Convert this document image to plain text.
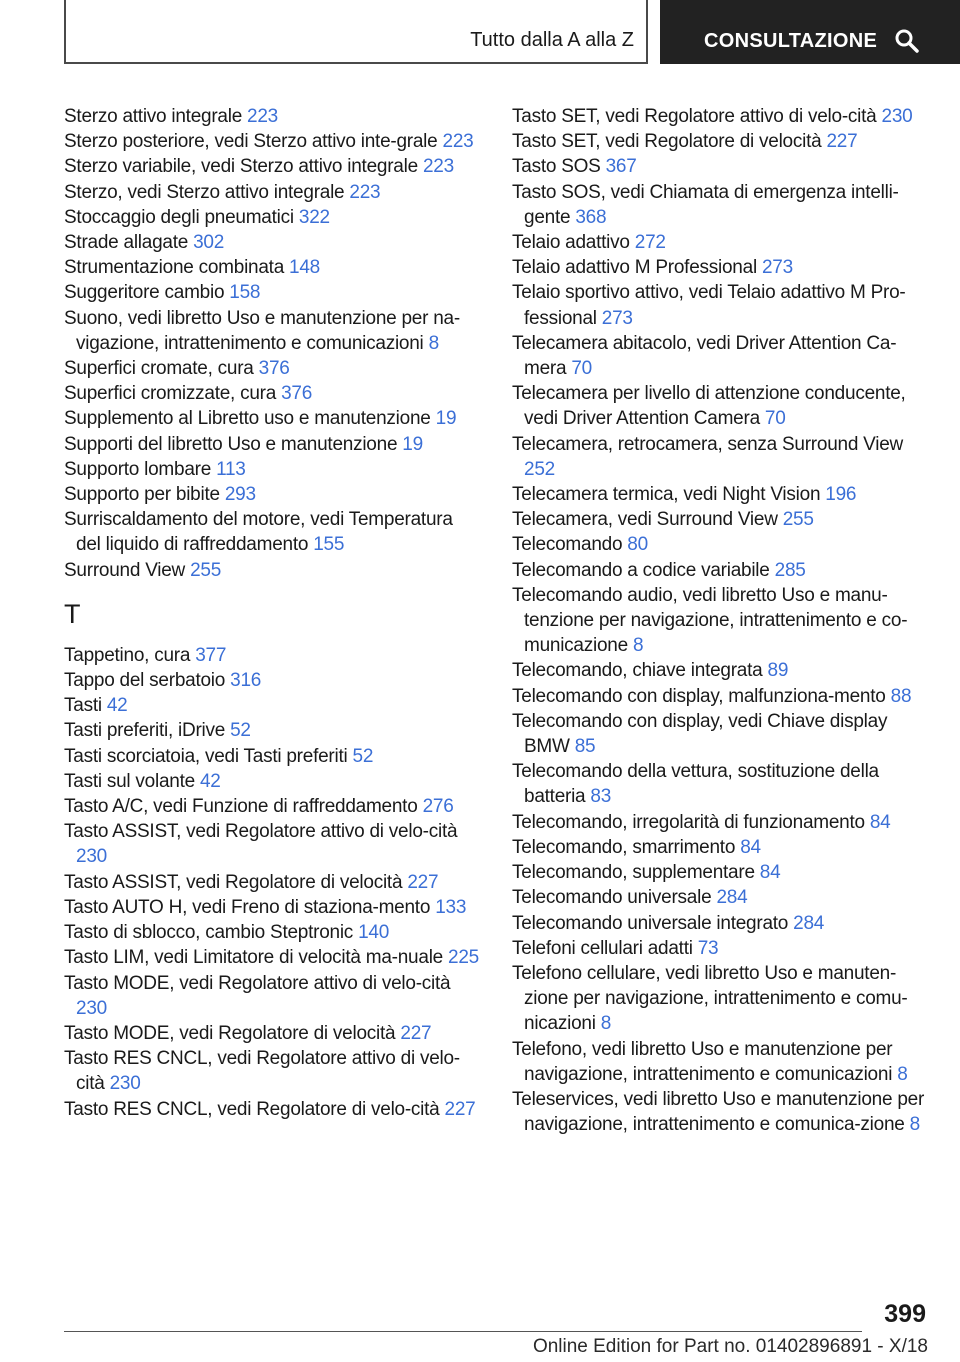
Tutto dalla A alla Z	CONSULTAZIONE
Sterzo attivo integrale 223
Sterzo posteriore, vedi Sterzo attivo inte‐grale 223
Sterzo variabile, vedi Sterzo attivo integrale 223
Sterzo, vedi Sterzo attivo integrale 223
Stoccaggio degli pneumatici 322
Strade allagate 302
Strumentazione combinata 148
Suggeritore cambio 158
Suono, vedi libretto Uso e manutenzione per na‐vigazione, intrattenimento e comunicazioni 8
Superfici cromate, cura 376
Superfici cromizzate, cura 376
Supplemento al Libretto uso e manutenzione 19
Supporti del libretto Uso e manutenzione 19
Supporto lombare 113
Supporto per bibite 293
Surriscaldamento del motore, vedi Temperatura del liquido di raffreddamento 155
Surround View 255
T
Tappetino, cura 377
Tappo del serbatoio 316
Tasti 42
Tasti preferiti, iDrive 52
Tasti scorciatoia, vedi Tasti preferiti 52
Tasti sul volante 42
Tasto A/C, vedi Funzione di raffreddamento 276
Tasto ASSIST, vedi Regolatore attivo di velo‐cità 230
Tasto ASSIST, vedi Regolatore di velocità 227
Tasto AUTO H, vedi Freno di staziona‐mento 133
Tasto di sblocco, cambio Steptronic 140
Tasto LIM, vedi Limitatore di velocità ma‐nuale 225
Tasto MODE, vedi Regolatore attivo di velo‐cità 230
Tasto MODE, vedi Regolatore di velocità 227
Tasto RES CNCL, vedi Regolatore attivo di velo‐cità 230
Tasto RES CNCL, vedi Regolatore di velo‐cità 227
Tasto SET, vedi Regolatore attivo di velo‐cità 230
Tasto SET, vedi Regolatore di velocità 227
Tasto SOS 367
Tasto SOS, vedi Chiamata di emergenza intelli‐gente 368
Telaio adattivo 272
Telaio adattivo M Professional 273
Telaio sportivo attivo, vedi Telaio adattivo M Pro‐fessional 273
Telecamera abitacolo, vedi Driver Attention Ca‐mera 70
Telecamera per livello di attenzione conducente, vedi Driver Attention Camera 70
Telecamera, retrocamera, senza Surround View 252
Telecamera termica, vedi Night Vision 196
Telecamera, vedi Surround View 255
Telecomando 80
Telecomando a codice variabile 285
Telecomando audio, vedi libretto Uso e manu‐tenzione per navigazione, intrattenimento e co‐municazione 8
Telecomando, chiave integrata 89
Telecomando con display, malfunziona‐mento 88
Telecomando con display, vedi Chiave display BMW 85
Telecomando della vettura, sostituzione della batteria 83
Telecomando, irregolarità di funzionamento 84
Telecomando, smarrimento 84
Telecomando, supplementare 84
Telecomando universale 284
Telecomando universale integrato 284
Telefoni cellulari adatti 73
Telefono cellulare, vedi libretto Uso e manuten‐zione per navigazione, intrattenimento e comu‐nicazioni 8
Telefono, vedi libretto Uso e manutenzione per navigazione, intrattenimento e comunicazioni 8
Teleservices, vedi libretto Uso e manutenzione per navigazione, intrattenimento e comunica‐zione 8
399
Online Edition for Part no. 01402896891 - X/18
